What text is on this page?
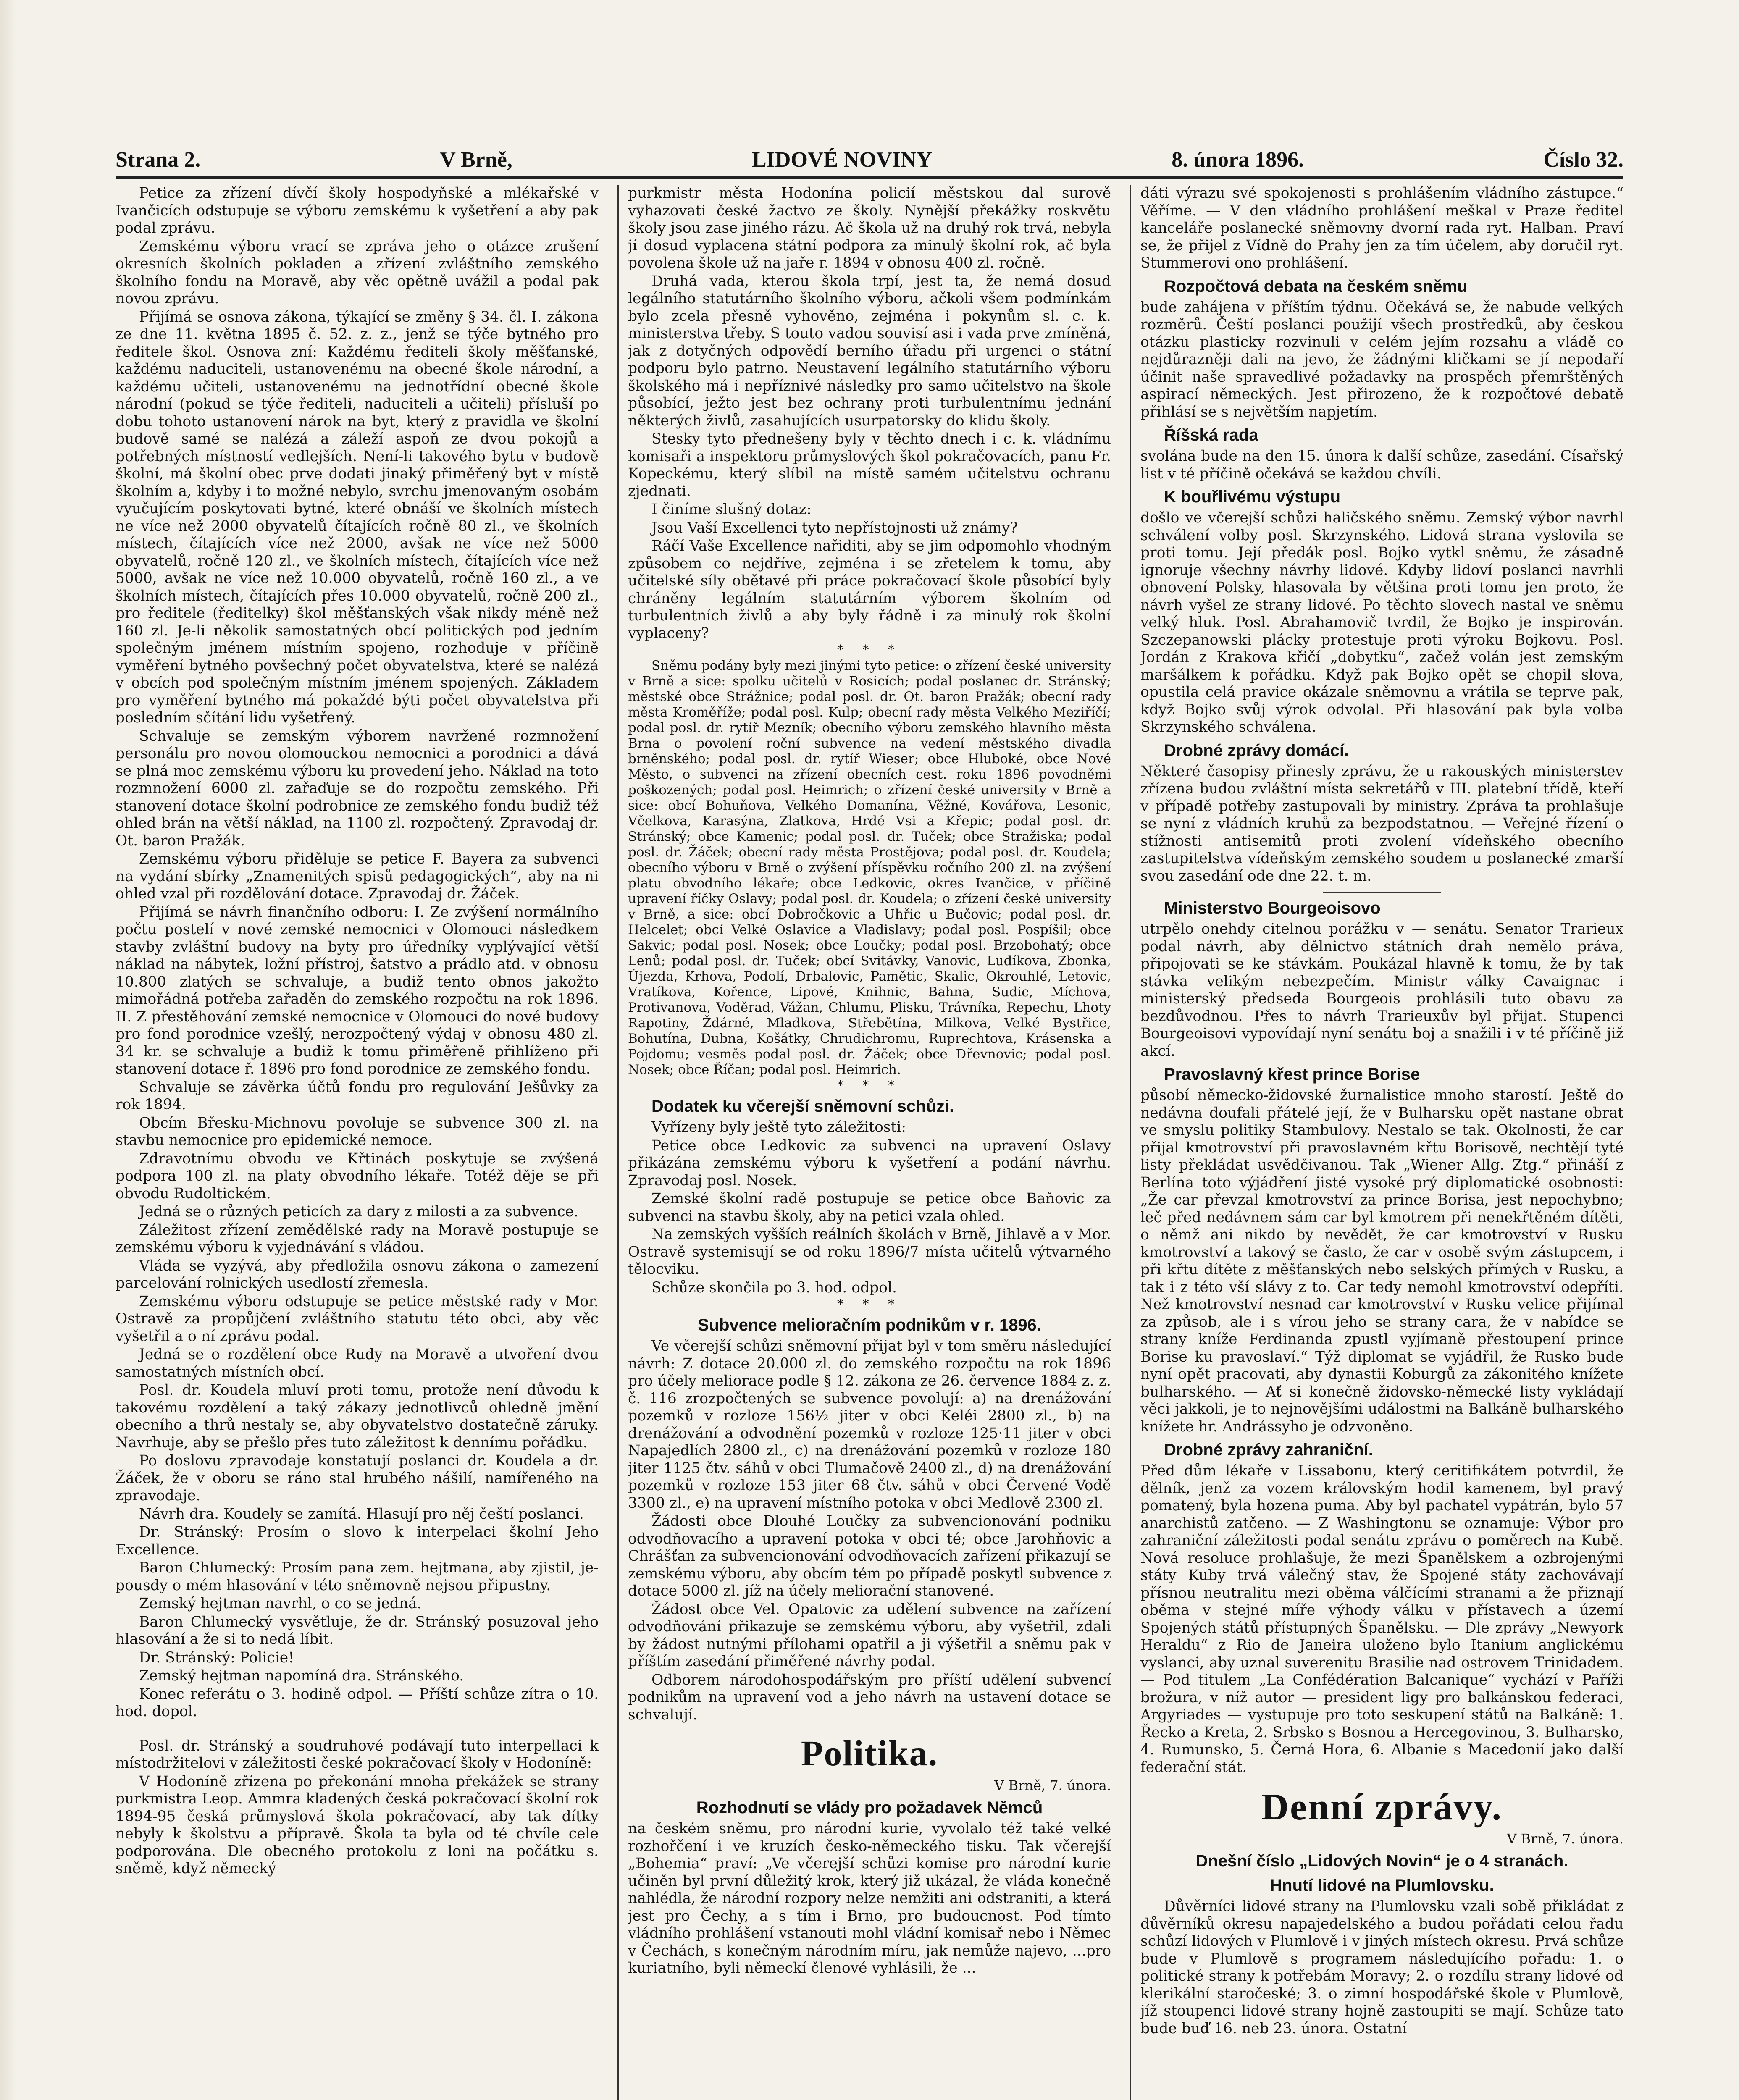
Strana 2.	V Brně,	LIDOVÉ NOVINY	8. února 1896.	Číslo 32.

Petice za zřízení dívčí školy hospodyňské a mlékařské v Ivančicích odstupuje se výboru zemskému k vyšetření a aby pak podal zprávu.

Zemskému výboru vrací se zpráva jeho o otázce zrušení okresních školních pokladen a zřízení zvláštního zemského školního fondu na Moravě, aby věc opětně uvážil a podal pak novou zprávu.

Přijímá se osnova zákona, týkající se změny § 34. čl. I. zákona ze dne 11. května 1895 č. 52. z. z., jenž se týče bytného pro ředitele škol. Osnova zní: Každému řediteli školy měšťanské, každému naduciteli, ustanovenému na obecné škole národní, a každému učiteli, ustanovenému na jednotřídní obecné škole národní (pokud se týče řediteli, naduciteli a učiteli) přísluší po dobu tohoto ustanovení nárok na byt, který z pravidla ve školní budově samé se nalézá a záleží aspoň ze dvou pokojů a potřebných místností vedlejších. Není-li takového bytu v budově školní, má školní obec prve dodati jinaký přiměřený byt v místě školním a, kdyby i to možné nebylo, svrchu jmenovaným osobám vyučujícím poskytovati bytné, které obnáší ve školních místech ne více než 2000 obyvatelů čítajících ročně 80 zl., ve školních místech, čítajících více než 2000, avšak ne více než 5000 obyvatelů, ročně 120 zl., ve školních místech, čítajících více než 5000, avšak ne více než 10.000 obyvatelů, ročně 160 zl., a ve školních místech, čítajících přes 10.000 obyvatelů, ročně 200 zl., pro ředitele (ředitelky) škol měšťanských však nikdy méně než 160 zl. Je-li několik samostatných obcí politických pod jedním společným jménem místním spojeno, rozhoduje v příčině vyměření bytného povšechný počet obyvatelstva, které se nalézá v obcích pod společným místním jménem spojených. Základem pro vyměření bytného má pokaždé býti počet obyvatelstva při posledním sčítání lidu vyšetřený.

Schvaluje se zemským výborem navržené rozmnožení personálu pro novou olomouckou nemocnici a porodnici a dává se plná moc zemskému výboru ku provedení jeho. Náklad na toto rozmnožení 6000 zl. zařaďuje se do rozpočtu zemského. Při stanovení dotace školní podrobnice ze zemského fondu budiž též ohled brán na větší náklad, na 1100 zl. rozpočtený. Zpravodaj dr. Ot. baron Pražák.

Zemskému výboru přiděluje se petice F. Bayera za subvenci na vydání sbírky „Znamenitých spisů pedagogických“, aby na ni ohled vzal při rozdělování dotace. Zpravodaj dr. Žáček.

Přijímá se návrh finančního odboru: I. Ze zvýšení normálního počtu postelí v nové zemské nemocnici v Olomouci následkem stavby zvláštní budovy na byty pro úředníky vyplývající větší náklad na nábytek, ložní přístroj, šatstvo a prádlo atd. v obnosu 10.800 zlatých se schvaluje, a budiž tento obnos jakožto mimořádná potřeba zařaděn do zemského rozpočtu na rok 1896. II. Z přestěhování zemské nemocnice v Olomouci do nové budovy pro fond porodnice vzešlý, nerozpočtený výdaj v obnosu 480 zl. 34 kr. se schvaluje a budiž k tomu přiměřeně přihlíženo při stanovení dotace ř. 1896 pro fond porodnice ze zemského fondu.

Schvaluje se závěrka účtů fondu pro regulování Ješůvky za rok 1894.

Obcím Břesku-Michnovu povoluje se subvence 300 zl. na stavbu nemocnice pro epidemické nemoce.

Zdravotnímu obvodu ve Křtinách poskytuje se zvýšená podpora 100 zl. na platy obvodního lékaře. Totéž děje se při obvodu Rudoltickém.

Jedná se o různých peticích za dary z milosti a za subvence.

Záležitost zřízení zemědělské rady na Moravě postupuje se zemskému výboru k vyjednávání s vládou.

Vláda se vyzývá, aby předložila osnovu zákona o zamezení parcelování rolnických usedlostí zřemesla.

Zemskému výboru odstupuje se petice městské rady v Mor. Ostravě za propůjčení zvláštního statutu této obci, aby věc vyšetřil a o ní zprávu podal.

Jedná se o rozdělení obce Rudy na Moravě a utvoření dvou samostatných místních obcí.

Posl. dr. Koudela mluví proti tomu, protože není důvodu k takovému rozdělení a taký zákazy jednotlivců ohledně jmění obecního a thrů nestaly se, aby obyvatelstvo dostatečně záruky. Navrhuje, aby se přešlo přes tuto záležitost k dennímu pořádku.

Po doslovu zpravodaje konstatují poslanci dr. Koudela a dr. Žáček, že v oboru se ráno stal hrubého nášilí, namířeného na zpravodaje.

Návrh dra. Koudely se zamítá. Hlasují pro něj čeští poslanci.

Dr. Stránský: Prosím o slovo k interpelaci školní Jeho Excellence.

Baron Chlumecký: Prosím pana zem. hejtmana, aby zjistil, je-pousdy o mém hlasování v této sněmovně nejsou připustny.

Zemský hejtman navrhl, o co se jedná.

Baron Chlumecký vysvětluje, že dr. Stránský posuzoval jeho hlasování a že si to nedá líbit.

Dr. Stránský: Policie!

Zemský hejtman napomíná dra. Stránského.

Konec referátu o 3. hodině odpol. — Příští schůze zítra o 10. hod. dopol.

Posl. dr. Stránský a soudruhové podávají tuto interpellaci k místodržitelovi v záležitosti české pokračovací školy v Hodoníně:

V Hodoníně zřízena po překonání mnoha překážek se strany purkmistra Leop. Ammra kladených česká pokračovací školní rok 1894-95 česká průmyslová škola pokračovací, aby tak dítky nebyly k školstvu a přípravě. Škola ta byla od té chvíle cele podporována. Dle obecného protokolu z loni na počátku s. sněmě, když německý

purkmistr města Hodonína policií městskou dal surově vyhazovati české žactvo ze školy. Nynější překážky roskvětu školy jsou zase jiného rázu. Ač škola už na druhý rok trvá, nebyla jí dosud vyplacena státní podpora za minulý školní rok, ač byla povolena škole už na jaře r. 1894 v obnosu 400 zl. ročně.

Druhá vada, kterou škola trpí, jest ta, že nemá dosud legálního statutárního školního výboru, ačkoli všem podmínkám bylo zcela přesně vyhověno, zejména i pokynům sl. c. k. ministerstva třeby. S touto vadou souvisí asi i vada prve zmíněná, jak z dotyčných odpovědí berního úřadu při urgenci o státní podporu bylo patrno. Neustavení legálního statutárního výboru školského má i nepříznivé následky pro samo učitelstvo na škole působící, ježto jest bez ochrany proti turbulentnímu jednání některých živlů, zasahujících usurpatorsky do klidu školy.

Stesky tyto přednešeny byly v těchto dnech i c. k. vládnímu komisaři a inspektoru průmyslových škol pokračovacích, panu Fr. Kopeckému, který slíbil na místě samém učitelstvu ochranu zjednati.

I činíme slušný dotaz:

Jsou Vaší Excellenci tyto nepřístojnosti už známy?

Ráčí Vaše Excellence nařiditi, aby se jim odpomohlo vhodným způsobem co nejdříve, zejména i se zřetelem k tomu, aby učitelské síly obětavé při práce pokračovací škole působící byly chráněny legálním statutárním výborem školním od turbulentních živlů a aby byly řádně i za minulý rok školní vyplaceny?

* * *

Sněmu podány byly mezi jinými tyto petice: o zřízení české university v Brně a sice: spolku učitelů v Rosicích; podal poslanec dr. Stránský; městské obce Strážnice; podal posl. dr. Ot. baron Pražák; obecní rady města Kroměříže; podal posl. Kulp; obecní rady města Velkého Meziříčí; podal posl. dr. rytíř Mezník; obecního výboru zemského hlavního města Brna o povolení roční subvence na vedení městského divadla brněnského; podal posl. dr. rytíř Wieser; obce Hluboké, obce Nové Město, o subvenci na zřízení obecních cest. roku 1896 povodněmi poškozených; podal posl. Heimrich; o zřízení české university v Brně a sice: obcí Bohuňova, Velkého Domanína, Věžné, Kovářova, Lesonic, Včelkova, Karasýna, Zlatkova, Hrdé Vsi a Křepic; podal posl. dr. Stránský; obce Kamenic; podal posl. dr. Tuček; obce Stražiska; podal posl. dr. Žáček; obecní rady města Prostějova; podal posl. dr. Koudela; obecního výboru v Brně o zvýšení příspěvku ročního 200 zl. na zvýšení platu obvodního lékaře; obce Ledkovic, okres Ivančice, v příčině upravení říčky Oslavy; podal posl. dr. Koudela; o zřízení české university v Brně, a sice: obcí Dobročkovic a Uhřic u Bučovic; podal posl. dr. Helcelet; obcí Velké Oslavice a Vladislavy; podal posl. Pospíšil; obce Sakvic; podal posl. Nosek; obce Loučky; podal posl. Brzobohatý; obce Lenů; podal posl. dr. Tuček; obcí Svitávky, Vanovic, Ludíkova, Zbonka, Újezda, Krhova, Podolí, Drbalovic, Pamětic, Skalic, Okrouhlé, Letovic, Vratíkova, Kořence, Lipové, Knihnic, Bahna, Sudic, Míchova, Protivanova, Voděrad, Vážan, Chlumu, Plisku, Trávníka, Repechu, Lhoty Rapotiny, Ždárné, Mladkova, Střebětína, Milkova, Velké Bystřice, Bohutína, Dubna, Košátky, Chrudichromu, Ruprechtova, Krásenska a Pojdomu; vesměs podal posl. dr. Žáček; obce Dřevnovic; podal posl. Nosek; obce Říčan; podal posl. Heimrich.

* * *
Dodatek ku včerejší sněmovní schůzi.

Vyřízeny byly ještě tyto záležitosti:

Petice obce Ledkovic za subvenci na upravení Oslavy přikázána zemskému výboru k vyšetření a podání návrhu. Zpravodaj posl. Nosek.

Zemské školní radě postupuje se petice obce Baňovic za subvenci na stavbu školy, aby na petici vzala ohled.

Na zemských vyšších reálních školách v Brně, Jihlavě a v Mor. Ostravě systemisují se od roku 1896/7 místa učitelů výtvarného tělocviku.

Schůze skončila po 3. hod. odpol.

* * *
Subvence melioračním podnikům v r. 1896.

Ve včerejší schůzi sněmovní přijat byl v tom směru následující návrh: Z dotace 20.000 zl. do zemského rozpočtu na rok 1896 pro účely meliorace podle § 12. zákona ze 26. července 1884 z. z. č. 116 zrozpočtených se subvence povolují: a) na drenážování pozemků v rozloze 156½ jiter v obci Keléi 2800 zl., b) na drenážování a odvodnění pozemků v rozloze 125·11 jiter v obci Napajedlích 2800 zl., c) na drenážování pozemků v rozloze 180 jiter 1125 čtv. sáhů v obci Tlumačově 2400 zl., d) na drenážování pozemků v rozloze 153 jiter 68 čtv. sáhů v obci Červené Vodě 3300 zl., e) na upravení místního potoka v obci Medlově 2300 zl.

Žádosti obce Dlouhé Loučky za subvencionování podniku odvodňovacího a upravení potoka v obci té; obce Jarohňovic a Chrášťan za subvencionování odvodňovacích zařízení přikazují se zemskému výboru, aby obcím tém po případě poskytl subvence z dotace 5000 zl. jíž na účely meliorační stanovené.

Žádost obce Vel. Opatovic za udělení subvence na zařízení odvodňování přikazuje se zemskému výboru, aby vyšetřil, zdali by žádost nutnými přílohami opatřil a ji výšetřil a sněmu pak v příštím zasedání přiměřené návrhy podal.

Odborem národohospodářským pro příští udělení subvencí podnikům na upravení vod a jeho návrh na ustavení dotace se schvalují.

Politika.
V Brně, 7. února.
Rozhodnutí se vlády pro požadavek Němců

na českém sněmu, pro národní kurie, vyvolalo též také velké rozhořčení i ve kruzích česko-německého tisku. Tak včerejší „Bohemia“ praví: „Ve včerejší schůzi komise pro národní kurie učiněn byl první důležitý krok, který již ukázal, že vláda konečně nahlédla, že národní rozpory nelze nemžiti ani odstraniti, a která jest pro Čechy, a s tím i Brno, pro budoucnost. Pod tímto vládního prohlášení vstanouti mohl vládní komisař nebo i Němec v Čechách, s konečným národním míru, jak nemůže najevo, ...pro kuriatního, byli německí členové vyhlásili, že ...

dáti výrazu své spokojenosti s prohlášením vládního zástupce.“ Věříme. — V den vládního prohlášení meškal v Praze ředitel kanceláře poslanecké sněmovny dvorní rada ryt. Halban. Praví se, že přijel z Vídně do Prahy jen za tím účelem, aby doručil ryt. Stummerovi ono prohlášení.

Rozpočtová debata na českém sněmu

bude zahájena v příštím týdnu. Očekává se, že nabude velkých rozměrů. Čeští poslanci použijí všech prostředků, aby českou otázku plasticky rozvinuli v celém jejím rozsahu a vládě co nejdůrazněji dali na jevo, že žádnými kličkami se jí nepodaří účinit naše spravedlivé požadavky na prospěch přemrštěných aspirací německých. Jest přirozeno, že k rozpočtové debatě přihlásí se s největším napjetím.

Říšská rada

svolána bude na den 15. února k další schůze, zasedání. Císařský list v té příčině očekává se každou chvíli.

K bouřlivému výstupu

došlo ve včerejší schůzi haličského sněmu. Zemský výbor navrhl schválení volby posl. Skrzynského. Lidová strana vyslovila se proti tomu. Její předák posl. Bojko vytkl sněmu, že zásadně ignoruje všechny návrhy lidové. Kdyby lidoví poslanci navrhli obnovení Polsky, hlasovala by většina proti tomu jen proto, že návrh vyšel ze strany lidové. Po těchto slovech nastal ve sněmu velký hluk. Posl. Abrahamovič tvrdil, že Bojko je inspirován. Szczepanowski plácky protestuje proti výroku Bojkovu. Posl. Jordán z Krakova křičí „dobytku“, začež volán jest zemským maršálkem k pořádku. Když pak Bojko opět se chopil slova, opustila celá pravice okázale sněmovnu a vrátila se teprve pak, když Bojko svůj výrok odvolal. Při hlasování pak byla volba Skrzynského schválena.

Drobné zprávy domácí.

Některé časopisy přinesly zprávu, že u rakouských ministerstev zřízena budou zvláštní místa sekretářů v III. platební třídě, kteří v případě potřeby zastupovali by ministry. Zpráva ta prohlašuje se nyní z vládních kruhů za bezpodstatnou. — Veřejné řízení o stížnosti antisemitů proti zvolení vídeňského obecního zastupitelstva vídeňským zemského soudem u poslanecké zmarší svou zasedání ode dne 22. t. m.

Ministerstvo Bourgeoisovo

utrpělo onehdy citelnou porážku v — senátu. Senator Trarieux podal návrh, aby dělnictvo státních drah nemělo práva, připojovati se ke stávkám. Poukázal hlavně k tomu, že by tak stávka velikým nebezpečím. Ministr války Cavaignac i ministerský předseda Bourgeois prohlásili tuto obavu za bezdůvodnou. Přes to návrh Trarieuxův byl přijat. Stupenci Bourgeoisovi vypovídají nyní senátu boj a snažili i v té příčině již akcí.

Pravoslavný křest prince Borise

působí německo-židovské žurnalistice mnoho starostí. Ještě do nedávna doufali přátelé její, že v Bulharsku opět nastane obrat ve smyslu politiky Stambulovy. Nestalo se tak. Okolnosti, že car přijal kmotrovství při pravoslavném křtu Borisově, nechtějí tyté listy překládat usvědčivanou. Tak „Wiener Allg. Ztg.“ přináší z Berlína toto výjádření jisté vysoké prý diplomatické osobnosti: „Že car převzal kmotrovství za prince Borisa, jest nepochybno; leč před nedávnem sám car byl kmotrem při nenekřtěném dítěti, o němž ani nikdo by nevědět, že car kmotrovství v Rusku kmotrovství a takový se často, že car v osobě svým zástupcem, i při křtu dítěte z měšťanských nebo selských přímých v Rusku, a tak i z této vší slávy z to. Car tedy nemohl kmotrovství odepříti. Než kmotrovství nesnad car kmotrovství v Rusku velice přijímal za způsob, ale i s vírou jeho se strany cara, že v nabídce se strany kníže Ferdinanda zpustl vyjímaně přestoupení prince Borise ku pravoslaví.“ Týž diplomat se vyjádřil, že Rusko bude nyní opět pracovati, aby dynastii Koburgů za zákonitého knížete bulharského. — Ať si konečně židovsko-německé listy vykládají věci jakkoli, je to nejnovějšími událostmi na Balkáně bulharského knížete hr. Andrássyho je odzvoněno.

Drobné zprávy zahraniční.

Před dům lékaře v Lissabonu, který ceritifikátem potvrdil, že dělník, jenž za vozem královským hodil kamenem, byl pravý pomatený, byla hozena puma. Aby byl pachatel vypátrán, bylo 57 anarchistů zatčeno. — Z Washingtonu se oznamuje: Výbor pro zahraniční záležitosti podal senátu zprávu o poměrech na Kubě. Nová resoluce prohlašuje, že mezi Španělskem a ozbrojenými státy Kuby trvá válečný stav, že Spojené státy zachovávají přísnou neutralitu mezi oběma válčícími stranami a že přiznají oběma v stejné míře výhody válku v přístavech a území Spojených států přístupných Španělsku. — Dle zprávy „Newyork Heraldu“ z Rio de Janeira uloženo bylo Itanium anglickému vyslanci, aby uznal suverenitu Brasilie nad ostrovem Trinidadem. — Pod titulem „La Confédération Balcanique“ vychází v Paříži brožura, v níž autor — president ligy pro balkánskou federaci, Argyriades — vystupuje pro toto seskupení států na Balkáně: 1. Řecko a Kreta, 2. Srbsko s Bosnou a Hercegovinou, 3. Bulharsko, 4. Rumunsko, 5. Černá Hora, 6. Albanie s Macedonií jako další federační stát.

Denní zprávy.
V Brně, 7. února.
Dnešní číslo „Lidových Novin“ je o 4 stranách.
Hnutí lidové na Plumlovsku.

Důvěrníci lidové strany na Plumlovsku vzali sobě přikládat z důvěrníků okresu napajedelského a budou pořádati celou řadu schůzí lidových v Plumlově i v jiných místech okresu. Prvá schůze bude v Plumlově s programem následujícího pořadu: 1. o politické strany k potřebám Moravy; 2. o rozdílu strany lidové od klerikální staročeské; 3. o zimní hospodářské škole v Plumlově, jíž stoupenci lidové strany hojně zastoupiti se mají. Schůze tato bude buď 16. neb 23. února. Ostatní
